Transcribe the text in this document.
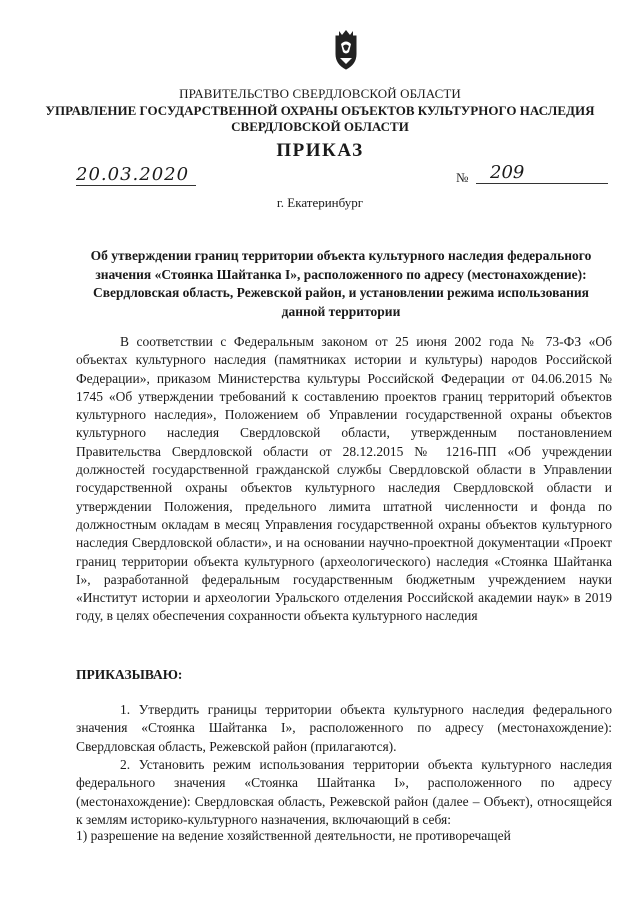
ПРАВИТЕЛЬСТВО СВЕРДЛОВСКОЙ ОБЛАСТИ
УПРАВЛЕНИЕ ГОСУДАРСТВЕННОЙ ОХРАНЫ ОБЪЕКТОВ КУЛЬТУРНОГО НАСЛЕДИЯ
СВЕРДЛОВСКОЙ ОБЛАСТИ
ПРИКАЗ
20.03.2020	№	209
г. Екатеринбург
Об утверждении границ территории объекта культурного наследия федерального значения «Стоянка Шайтанка I», расположенного по адресу (местонахождение): Свердловская область, Режевской район, и установлении режима использования данной территории
В соответствии с Федеральным законом от 25 июня 2002 года № 73-ФЗ «Об объектах культурного наследия (памятниках истории и культуры) народов Российской Федерации», приказом Министерства культуры Российской Федерации от 04.06.2015 № 1745 «Об утверждении требований к составлению проектов границ территорий объектов культурного наследия», Положением об Управлении государственной охраны объектов культурного наследия Свердловской области, утвержденным постановлением Правительства Свердловской области от 28.12.2015 № 1216-ПП «Об учреждении должностей государственной гражданской службы Свердловской области в Управлении государственной охраны объектов культурного наследия Свердловской области и утверждении Положения, предельного лимита штатной численности и фонда по должностным окладам в месяц Управления государственной охраны объектов культурного наследия Свердловской области», и на основании научно-проектной документации «Проект границ территории объекта культурного (археологического) наследия «Стоянка Шайтанка I», разработанной федеральным государственным бюджетным учреждением науки «Институт истории и археологии Уральского отделения Российской академии наук» в 2019 году, в целях обеспечения сохранности объекта культурного наследия
ПРИКАЗЫВАЮ:
1. Утвердить границы территории объекта культурного наследия федерального значения «Стоянка Шайтанка I», расположенного по адресу (местонахождение): Свердловская область, Режевской район (прилагаются).
2. Установить режим использования территории объекта культурного наследия федерального значения «Стоянка Шайтанка I», расположенного по адресу (местонахождение): Свердловская область, Режевской район (далее – Объект), относящейся к землям историко-культурного назначения, включающий в себя:
1) разрешение на ведение хозяйственной деятельности, не противоречащей
